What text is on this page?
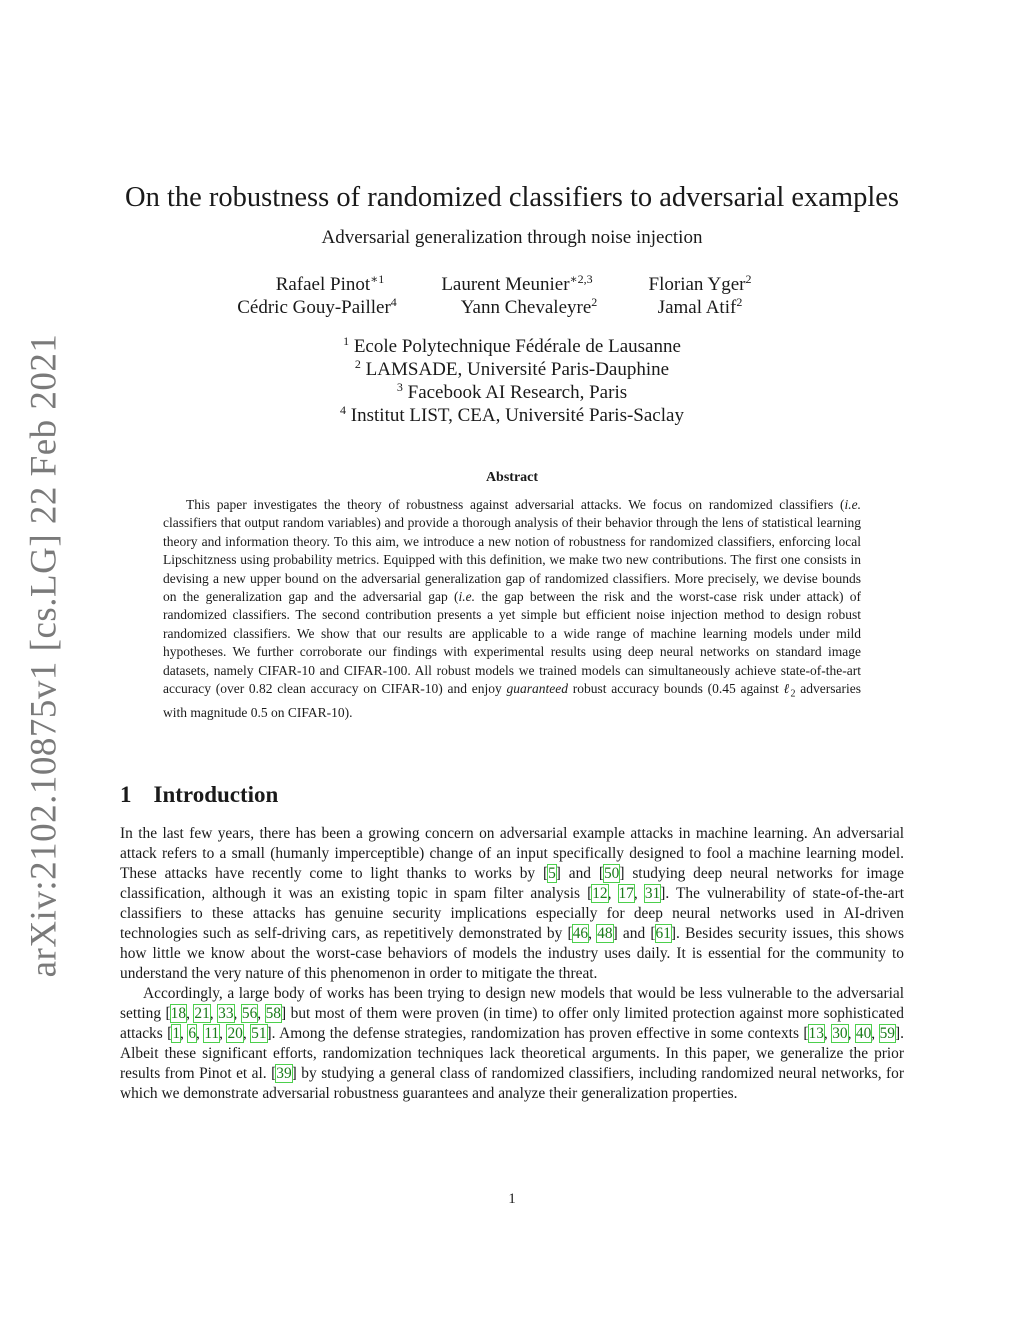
arXiv:2102.10875v1 [cs.LG] 22 Feb 2021
On the robustness of randomized classifiers to adversarial examples
Adversarial generalization through noise injection
Rafael Pinot$^{∗1}$	Laurent Meunier$^{∗2,3}$	Florian Yger$^2$
Cédric Gouy-Pailler$^4$	Yann Chevaleyre$^2$	Jamal Atif$^2$
$^1$ Ecole Polytechnique Fédérale de Lausanne
$^2$ LAMSADE, Université Paris-Dauphine
$^3$ Facebook AI Research, Paris
$^4$ Institut LIST, CEA, Université Paris-Saclay
Abstract
This paper investigates the theory of robustness against adversarial attacks. We focus on randomized classifiers (i.e. classifiers that output random variables) and provide a thorough analysis of their behavior through the lens of statistical learning theory and information theory. To this aim, we introduce a new notion of robustness for randomized classifiers, enforcing local Lipschitzness using probability metrics. Equipped with this definition, we make two new contributions. The first one consists in devising a new upper bound on the adversarial generalization gap of randomized classifiers. More precisely, we devise bounds on the generalization gap and the adversarial gap (i.e. the gap between the risk and the worst-case risk under attack) of randomized classifiers. The second contribution presents a yet simple but efficient noise injection method to design robust randomized classifiers. We show that our results are applicable to a wide range of machine learning models under mild hypotheses. We further corroborate our findings with experimental results using deep neural networks on standard image datasets, namely CIFAR-10 and CIFAR-100. All robust models we trained models can simultaneously achieve state-of-the-art accuracy (over 0.82 clean accuracy on CIFAR-10) and enjoy guaranteed robust accuracy bounds (0.45 against ℓ$_2$ adversaries with magnitude 0.5 on CIFAR-10).
1 Introduction

In the last few years, there has been a growing concern on adversarial example attacks in machine learning. An adversarial attack refers to a small (humanly imperceptible) change of an input specifically designed to fool a machine learning model. These attacks have recently come to light thanks to works by [5] and [50] studying deep neural networks for image classification, although it was an existing topic in spam filter analysis [12, 17, 31]. The vulnerability of state-of-the-art classifiers to these attacks has genuine security implications especially for deep neural networks used in AI-driven technologies such as self-driving cars, as repetitively demonstrated by [46, 48] and [61]. Besides security issues, this shows how little we know about the worst-case behaviors of models the industry uses daily. It is essential for the community to understand the very nature of this phenomenon in order to mitigate the threat.

Accordingly, a large body of works has been trying to design new models that would be less vulnerable to the adversarial setting [18, 21, 33, 56, 58] but most of them were proven (in time) to offer only limited protection against more sophisticated attacks [1, 6, 11, 20, 51]. Among the defense strategies, randomization has proven effective in some contexts [13, 30, 40, 59]. Albeit these significant efforts, randomization techniques lack theoretical arguments. In this paper, we generalize the prior results from Pinot et al. [39] by studying a general class of randomized classifiers, including randomized neural networks, for which we demonstrate adversarial robustness guarantees and analyze their generalization properties.

1
